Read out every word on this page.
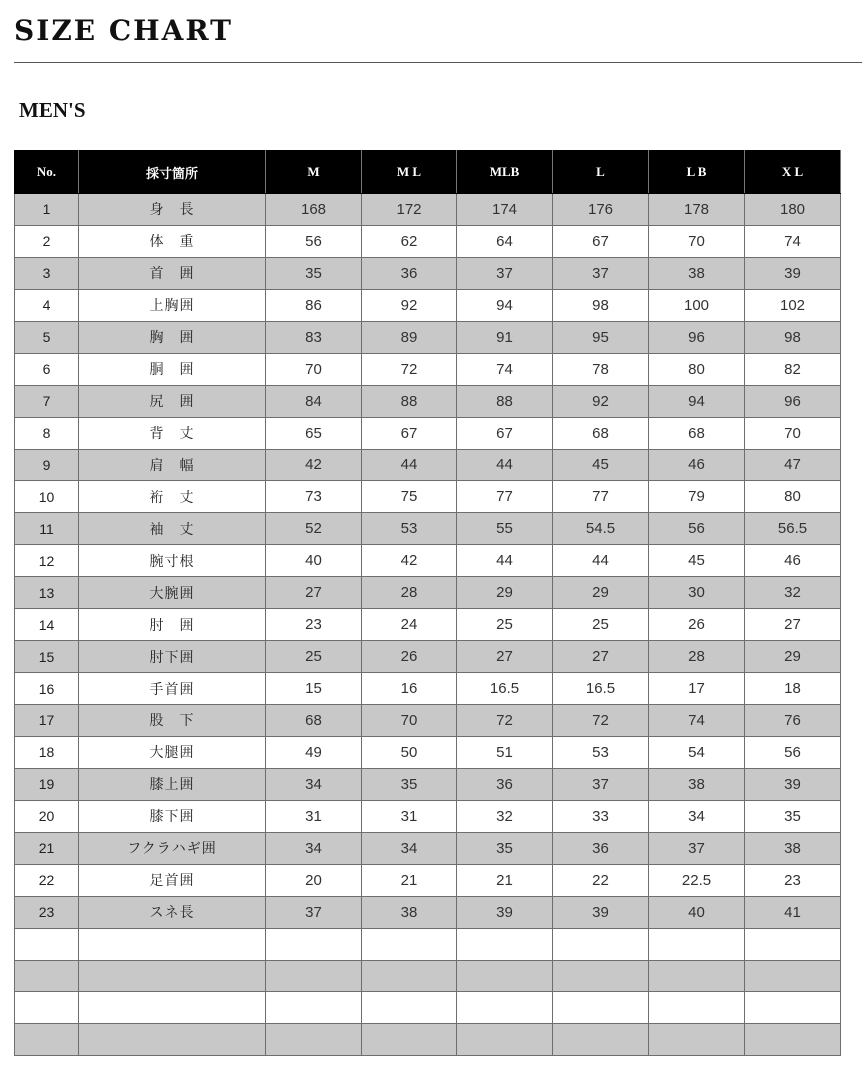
SIZE CHART
MEN'S
No.	採寸箇所	M	M L	MLB	L	L B	X L
1	身　長	168	172	174	176	178	180
2	体　重	56	62	64	67	70	74
3	首　囲	35	36	37	37	38	39
4	上胸囲	86	92	94	98	100	102
5	胸　囲	83	89	91	95	96	98
6	胴　囲	70	72	74	78	80	82
7	尻　囲	84	88	88	92	94	96
8	背　丈	65	67	67	68	68	70
9	肩　幅	42	44	44	45	46	47
10	裄　丈	73	75	77	77	79	80
11	袖　丈	52	53	55	54.5	56	56.5
12	腕寸根	40	42	44	44	45	46
13	大腕囲	27	28	29	29	30	32
14	肘　囲	23	24	25	25	26	27
15	肘下囲	25	26	27	27	28	29
16	手首囲	15	16	16.5	16.5	17	18
17	股　下	68	70	72	72	74	76
18	大腿囲	49	50	51	53	54	56
19	膝上囲	34	35	36	37	38	39
20	膝下囲	31	31	32	33	34	35
21	フクラハギ囲	34	34	35	36	37	38
22	足首囲	20	21	21	22	22.5	23
23	スネ長	37	38	39	39	40	41
